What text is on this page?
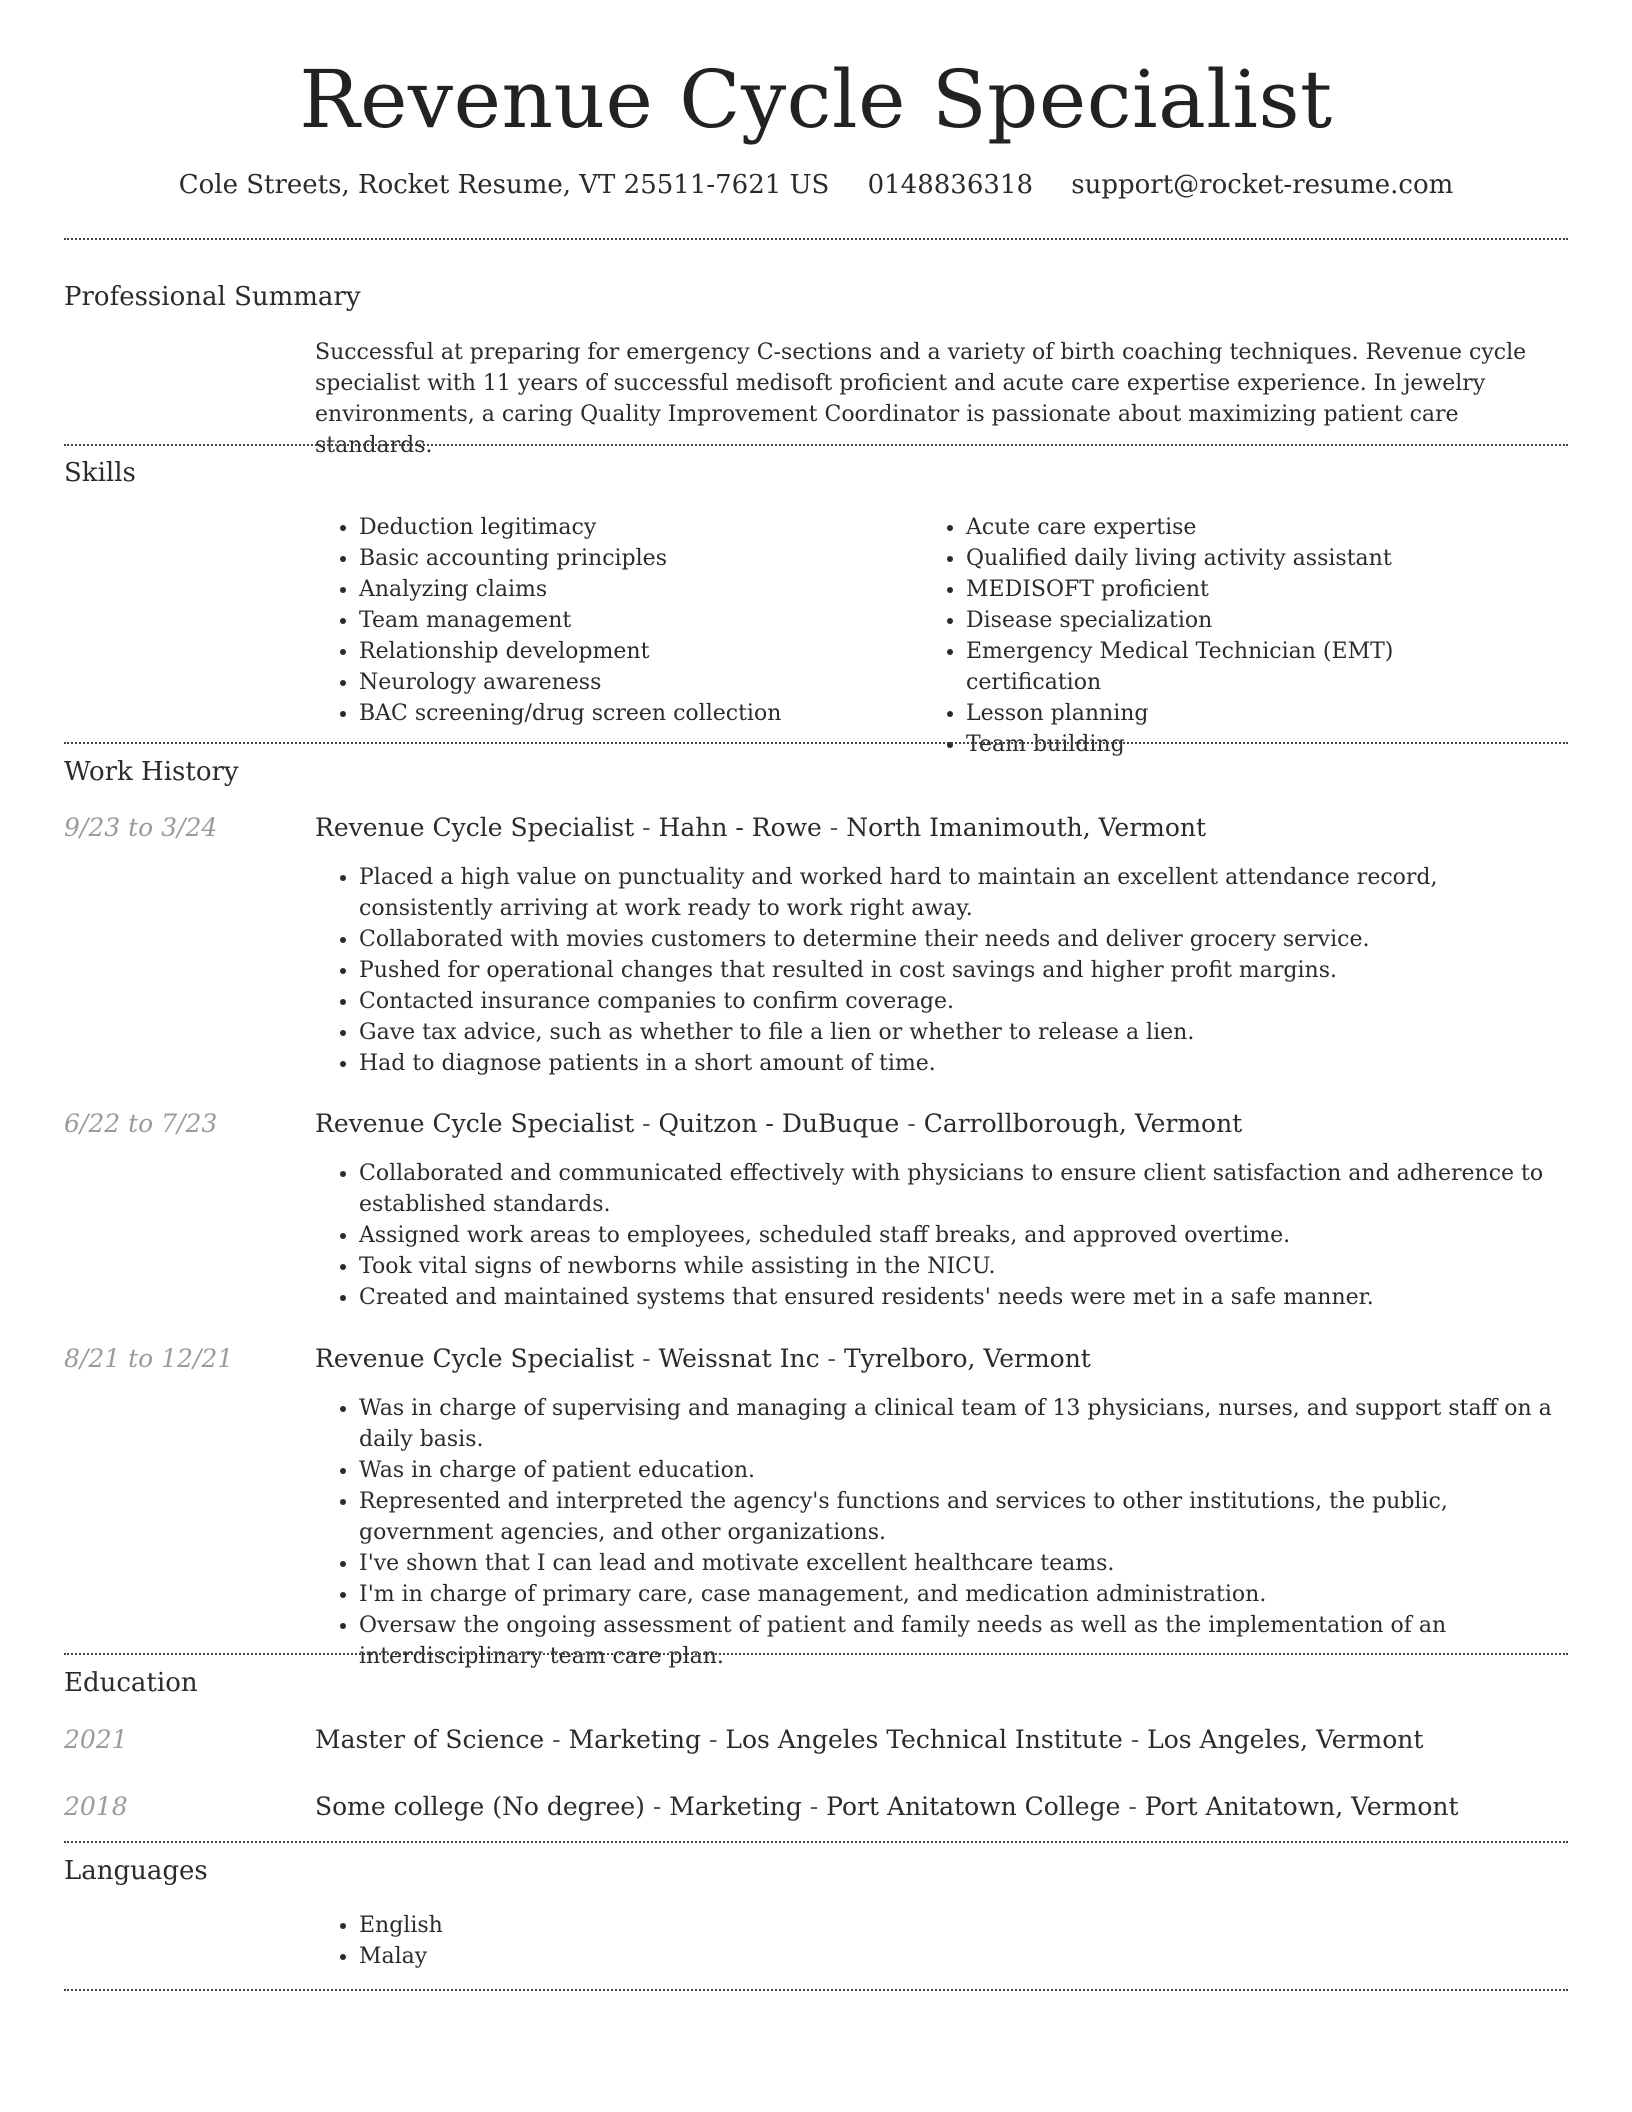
Revenue Cycle Specialist
Cole Streets, Rocket Resume, VT 25511-7621 US 0148836318 support@rocket-resume.com
Professional Summary
Successful at preparing for emergency C-sections and a variety of birth coaching techniques. Revenue cycle specialist with 11 years of successful medisoft proficient and acute care expertise experience. In jewelry environments, a caring Quality Improvement Coordinator is passionate about maximizing patient care standards.
Skills
• Deduction legitimacy
• Basic accounting principles
• Analyzing claims
• Team management
• Relationship development
• Neurology awareness
• BAC screening/drug screen collection
• Acute care expertise
• Qualified daily living activity assistant
• MEDISOFT proficient
• Disease specialization
• Emergency Medical Technician (EMT) certification
• Lesson planning
• Team building
Work History
9/23 to 3/24	Revenue Cycle Specialist - Hahn - Rowe - North Imanimouth, Vermont
• Placed a high value on punctuality and worked hard to maintain an excellent attendance record, consistently arriving at work ready to work right away.
• Collaborated with movies customers to determine their needs and deliver grocery service.
• Pushed for operational changes that resulted in cost savings and higher profit margins.
• Contacted insurance companies to confirm coverage.
• Gave tax advice, such as whether to file a lien or whether to release a lien.
• Had to diagnose patients in a short amount of time.
6/22 to 7/23	Revenue Cycle Specialist - Quitzon - DuBuque - Carrollborough, Vermont
• Collaborated and communicated effectively with physicians to ensure client satisfaction and adherence to established standards.
• Assigned work areas to employees, scheduled staff breaks, and approved overtime.
• Took vital signs of newborns while assisting in the NICU.
• Created and maintained systems that ensured residents' needs were met in a safe manner.
8/21 to 12/21	Revenue Cycle Specialist - Weissnat Inc - Tyrelboro, Vermont
• Was in charge of supervising and managing a clinical team of 13 physicians, nurses, and support staff on a daily basis.
• Was in charge of patient education.
• Represented and interpreted the agency's functions and services to other institutions, the public, government agencies, and other organizations.
• I've shown that I can lead and motivate excellent healthcare teams.
• I'm in charge of primary care, case management, and medication administration.
• Oversaw the ongoing assessment of patient and family needs as well as the implementation of an interdisciplinary team care plan.
Education
2021	Master of Science - Marketing - Los Angeles Technical Institute - Los Angeles, Vermont
2018	Some college (No degree) - Marketing - Port Anitatown College - Port Anitatown, Vermont
Languages
• English
• Malay
